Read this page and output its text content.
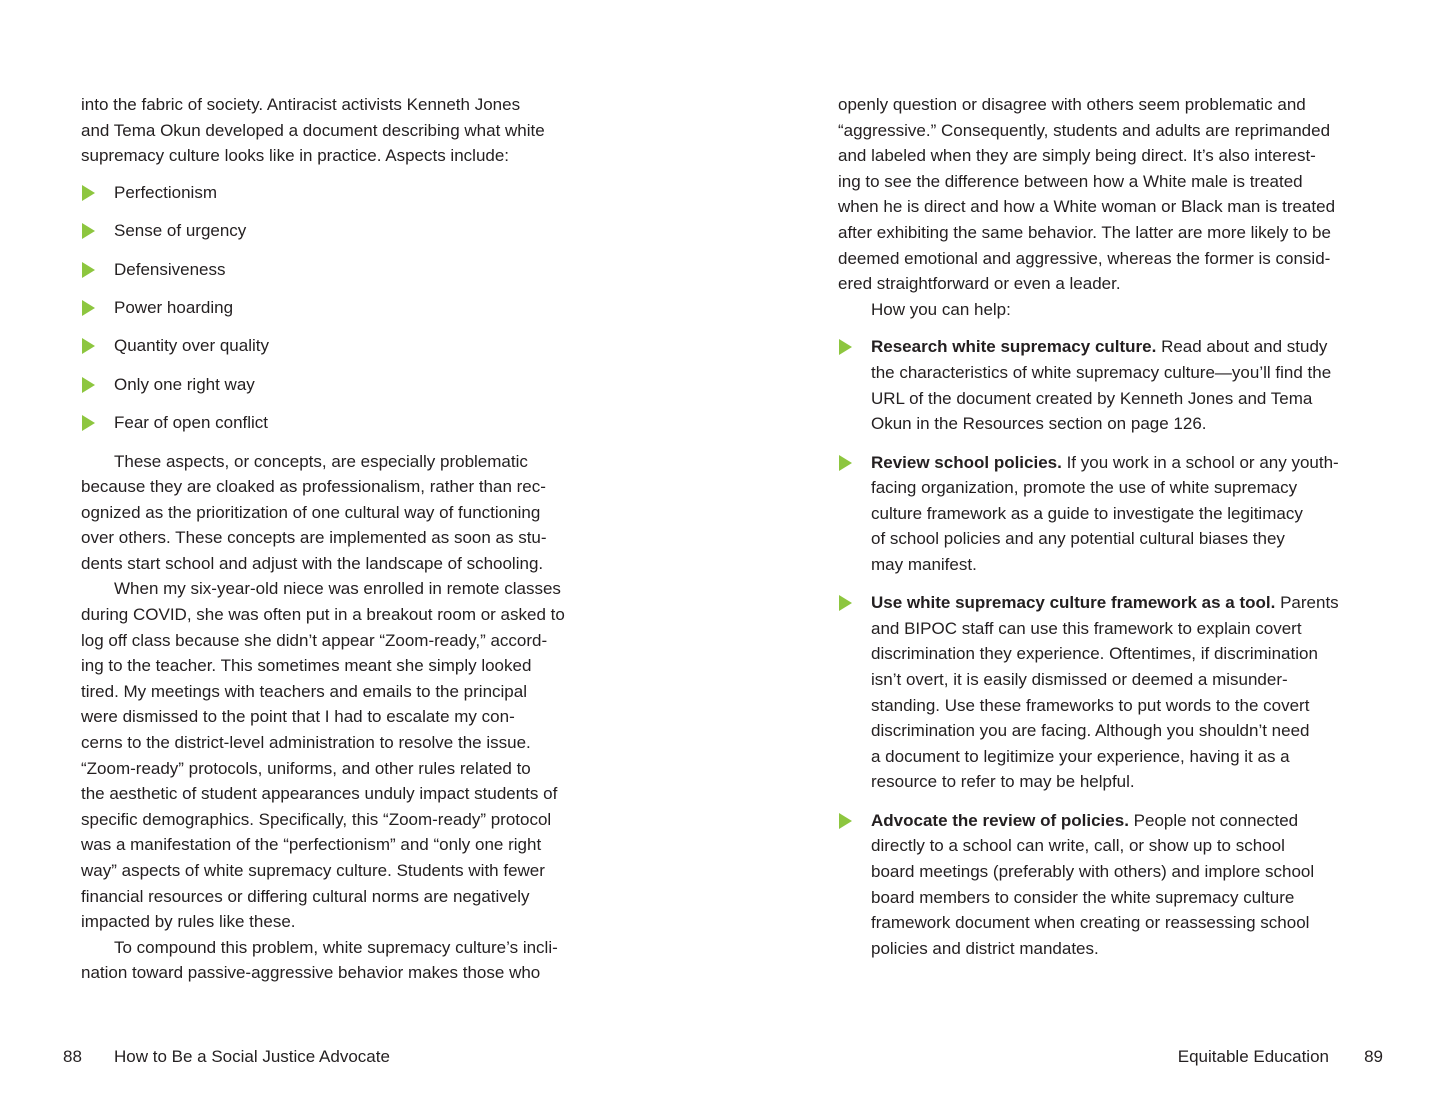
into the fabric of society. Antiracist activists Kenneth Jones
and Tema Okun developed a document describing what white
supremacy culture looks like in practice. Aspects include:
Perfectionism
Sense of urgency
Defensiveness
Power hoarding
Quantity over quality
Only one right way
Fear of open conflict
These aspects, or concepts, are especially problematic
because they are cloaked as professionalism, rather than rec-
ognized as the prioritization of one cultural way of functioning
over others. These concepts are implemented as soon as stu-
dents start school and adjust with the landscape of schooling.
When my six-year-old niece was enrolled in remote classes
during COVID, she was often put in a breakout room or asked to
log off class because she didn’t appear “Zoom-ready,” accord-
ing to the teacher. This sometimes meant she simply looked
tired. My meetings with teachers and emails to the principal
were dismissed to the point that I had to escalate my con-
cerns to the district-level administration to resolve the issue.
“Zoom-ready” protocols, uniforms, and other rules related to
the aesthetic of student appearances unduly impact students of
specific demographics. Specifically, this “Zoom-ready” protocol
was a manifestation of the “perfectionism” and “only one right
way” aspects of white supremacy culture. Students with fewer
financial resources or differing cultural norms are negatively
impacted by rules like these.
To compound this problem, white supremacy culture’s incli-
nation toward passive-aggressive behavior makes those who
openly question or disagree with others seem problematic and
“aggressive.” Consequently, students and adults are reprimanded
and labeled when they are simply being direct. It’s also interest-
ing to see the difference between how a White male is treated
when he is direct and how a White woman or Black man is treated
after exhibiting the same behavior. The latter are more likely to be
deemed emotional and aggressive, whereas the former is consid-
ered straightforward or even a leader.
How you can help:
Research white supremacy culture. Read about and study
the characteristics of white supremacy culture—you’ll find the
URL of the document created by Kenneth Jones and Tema
Okun in the Resources section on page 126.
Review school policies. If you work in a school or any youth-
facing organization, promote the use of white supremacy
culture framework as a guide to investigate the legitimacy
of school policies and any potential cultural biases they
may manifest.
Use white supremacy culture framework as a tool. Parents
and BIPOC staff can use this framework to explain covert
discrimination they experience. Oftentimes, if discrimination
isn’t overt, it is easily dismissed or deemed a misunder-
standing. Use these frameworks to put words to the covert
discrimination you are facing. Although you shouldn’t need
a document to legitimize your experience, having it as a
resource to refer to may be helpful.
Advocate the review of policies. People not connected
directly to a school can write, call, or show up to school
board meetings (preferably with others) and implore school
board members to consider the white supremacy culture
framework document when creating or reassessing school
policies and district mandates.
88 How to Be a Social Justice Advocate	Equitable Education 89
